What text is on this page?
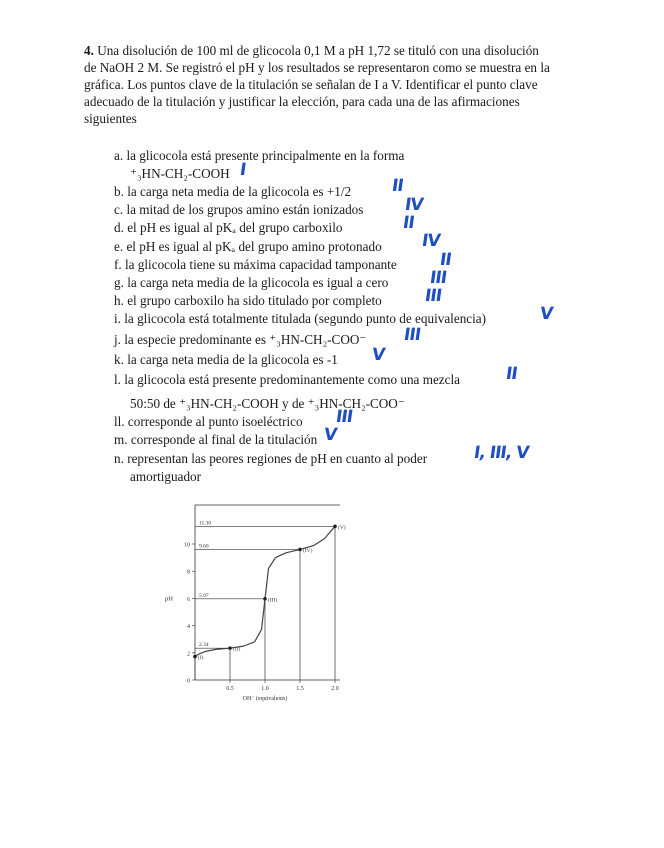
4. Una disolución de 100 ml de glicocola 0,1 M a pH 1,72 se tituló con una disolución de NaOH 2 M. Se registró el pH y los resultados se representaron como se muestra en la gráfica. Los puntos clave de la titulación se señalan de I a V. Identificar el punto clave adecuado de la titulación y justificar la elección, para cada una de las afirmaciones siguientes
a. la glicocola está presente principalmente en la forma
⁺₃HN-CH₂-COOH I
b. la carga neta media de la glicocola es +1/2 II
c. la mitad de los grupos amino están ionizados IV
d. el pH es igual al pKₐ del grupo carboxilo	II
e. el pH es igual al pKₐ del grupo amino protonado IV
f. la glicocola tiene su máxima capacidad tamponante II
g. la carga neta media de la glicocola es igual a cero III
h. el grupo carboxilo ha sido titulado por completo III
i. la glicocola está totalmente titulada (segundo punto de equivalencia)	V
j. la especie predominante es ⁺₃HN-CH₂-COO⁻ III
k. la carga neta media de la glicocola es -1 V
l. la glicocola está presente predominantemente como una mezcla	II
50:50 de ⁺₃HN-CH₂-COOH y de ⁺₃HN-CH₂-COO⁻
ll. corresponde al punto isoeléctrico III
m. corresponde al final de la titulación V
n. representan las peores regiones de pH en cuanto al poder	I, III, V
amortiguador
0
2
4
6
8
10
0.5	1.0	1.5	2.0
pH
OH⁻ (equivalents)
11.30
9.60
5.97
2.34
(I)
(II)
(III)
(IV)
(V)
